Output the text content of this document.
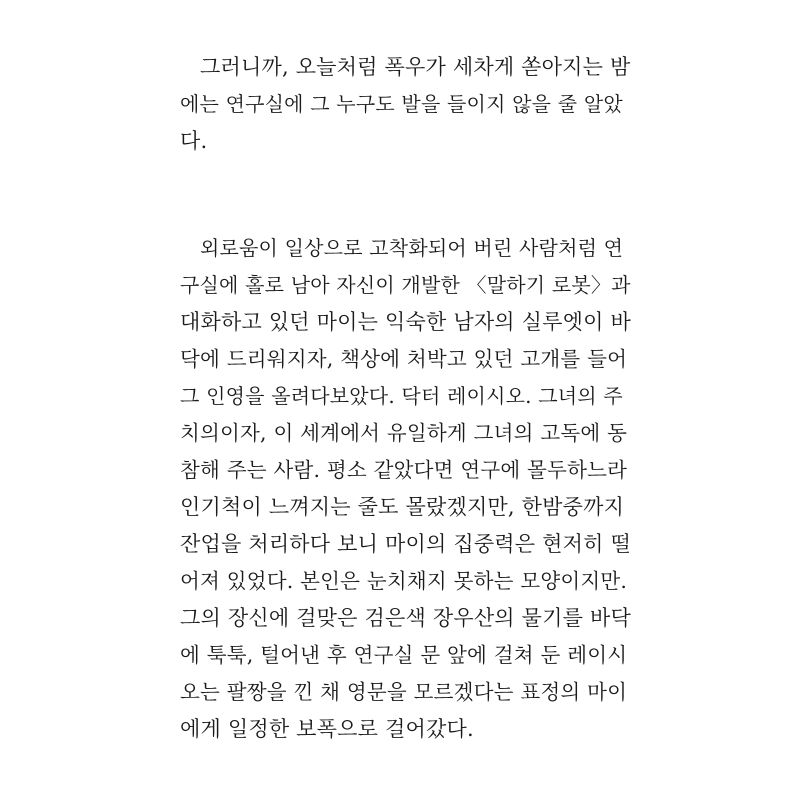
그러니까, 오늘처럼 폭우가 세차게 쏟아지는 밤
에는 연구실에 그 누구도 발을 들이지 않을 줄 알았
다.
외로움이 일상으로 고착화되어 버린 사람처럼 연
구실에 홀로 남아 자신이 개발한 〈말하기 로봇〉과
대화하고 있던 마이는 익숙한 남자의 실루엣이 바
닥에 드리워지자, 책상에 처박고 있던 고개를 들어
그 인영을 올려다보았다. 닥터 레이시오. 그녀의 주
치의이자, 이 세계에서 유일하게 그녀의 고독에 동
참해 주는 사람. 평소 같았다면 연구에 몰두하느라
인기척이 느껴지는 줄도 몰랐겠지만, 한밤중까지
잔업을 처리하다 보니 마이의 집중력은 현저히 떨
어져 있었다. 본인은 눈치채지 못하는 모양이지만.
그의 장신에 걸맞은 검은색 장우산의 물기를 바닥
에 툭툭, 털어낸 후 연구실 문 앞에 걸쳐 둔 레이시
오는 팔짱을 낀 채 영문을 모르겠다는 표정의 마이
에게 일정한 보폭으로 걸어갔다.
